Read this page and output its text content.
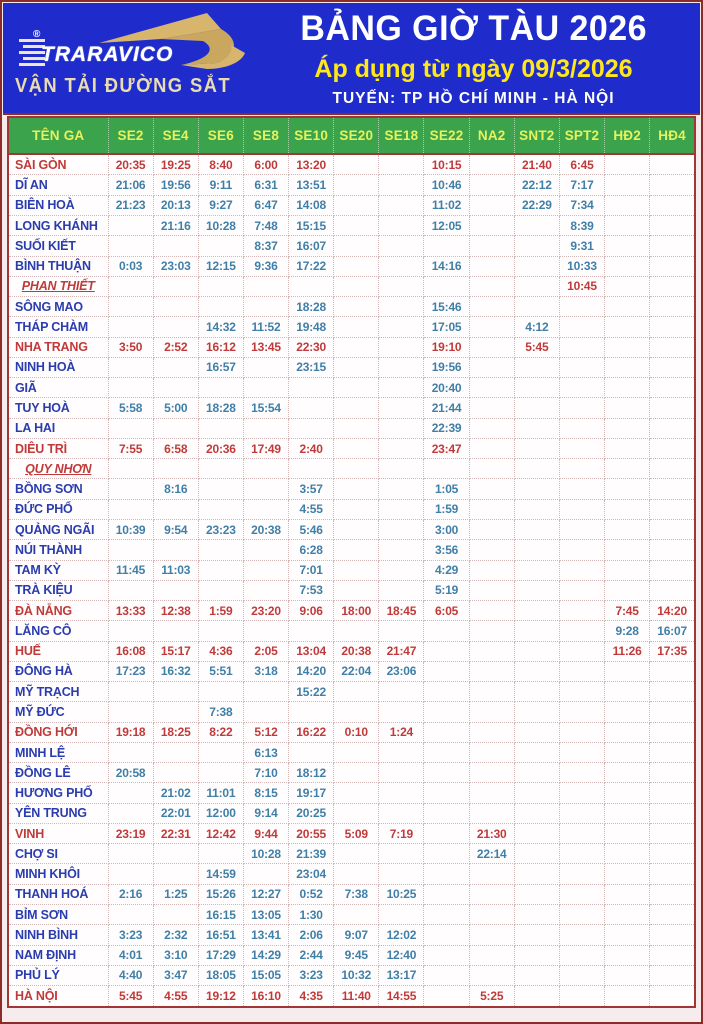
®
TRARAVICO
VẬN TẢI ĐƯỜNG SẮT
BẢNG GIỜ TÀU 2026
Áp dụng từ ngày 09/3/2026
TUYẾN: TP HỒ CHÍ MINH - HÀ NỘI
TÊN GA	SE2	SE4	SE6	SE8	SE10	SE20	SE18	SE22	NA2	SNT2	SPT2	HĐ2	HĐ4
SÀI GÒN	20:35	19:25	8:40	6:00	13:20			10:15		21:40	6:45		
DĨ AN	21:06	19:56	9:11	6:31	13:51			10:46		22:12	7:17		
BIÊN HOÀ	21:23	20:13	9:27	6:47	14:08			11:02		22:29	7:34		
LONG KHÁNH		21:16	10:28	7:48	15:15			12:05			8:39		
SUỐI KIẾT				8:37	16:07						9:31		
BÌNH THUẬN	0:03	23:03	12:15	9:36	17:22			14:16			10:33		
PHAN THIẾT											10:45		
SÔNG MAO					18:28			15:46					
THÁP CHÀM			14:32	11:52	19:48			17:05		4:12			
NHA TRANG	3:50	2:52	16:12	13:45	22:30			19:10		5:45			
NINH HOÀ			16:57		23:15			19:56					
GIÃ								20:40					
TUY HOÀ	5:58	5:00	18:28	15:54				21:44					
LA HAI								22:39					
DIÊU TRÌ	7:55	6:58	20:36	17:49	2:40			23:47					
QUY NHƠN													
BỒNG SƠN		8:16			3:57			1:05					
ĐỨC PHỔ					4:55			1:59					
QUẢNG NGÃI	10:39	9:54	23:23	20:38	5:46			3:00					
NÚI THÀNH					6:28			3:56					
TAM KỲ	11:45	11:03			7:01			4:29					
TRÀ KIỆU					7:53			5:19					
ĐÀ NẴNG	13:33	12:38	1:59	23:20	9:06	18:00	18:45	6:05				7:45	14:20
LĂNG CÔ												9:28	16:07
HUẾ	16:08	15:17	4:36	2:05	13:04	20:38	21:47					11:26	17:35
ĐÔNG HÀ	17:23	16:32	5:51	3:18	14:20	22:04	23:06						
MỸ TRẠCH					15:22								
MỸ ĐỨC			7:38										
ĐỒNG HỚI	19:18	18:25	8:22	5:12	16:22	0:10	1:24						
MINH LỆ				6:13									
ĐỒNG LÊ	20:58			7:10	18:12								
HƯƠNG PHỐ		21:02	11:01	8:15	19:17								
YÊN TRUNG		22:01	12:00	9:14	20:25								
VINH	23:19	22:31	12:42	9:44	20:55	5:09	7:19		21:30				
CHỢ SI				10:28	21:39				22:14				
MINH KHÔI			14:59		23:04								
THANH HOÁ	2:16	1:25	15:26	12:27	0:52	7:38	10:25						
BỈM SƠN			16:15	13:05	1:30								
NINH BÌNH	3:23	2:32	16:51	13:41	2:06	9:07	12:02						
NAM ĐỊNH	4:01	3:10	17:29	14:29	2:44	9:45	12:40						
PHỦ LÝ	4:40	3:47	18:05	15:05	3:23	10:32	13:17						
HÀ NỘI	5:45	4:55	19:12	16:10	4:35	11:40	14:55		5:25				
